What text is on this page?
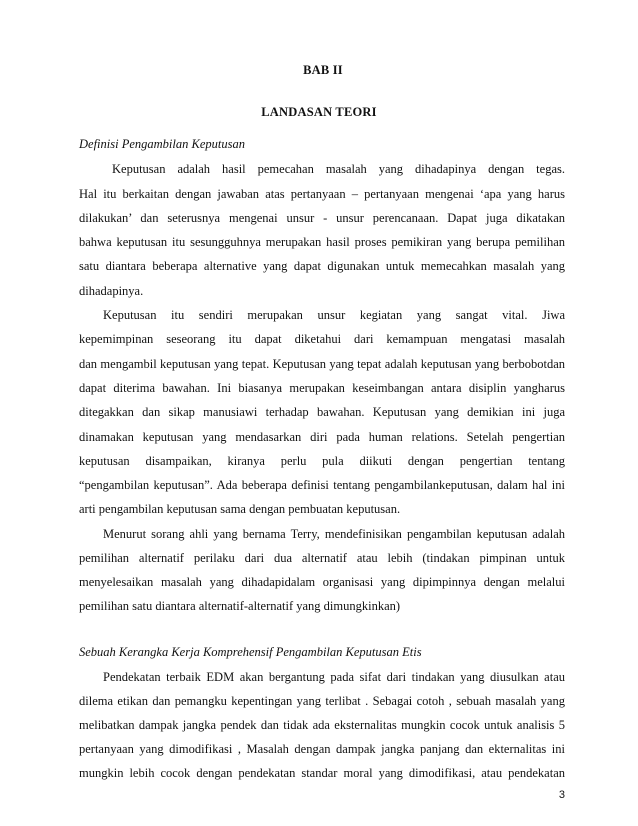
BAB II
LANDASAN TEORI
Definisi Pengambilan Keputusan
Keputusan adalah hasil pemecahan masalah yang dihadapinya dengan tegas.
Hal itu berkaitan dengan jawaban atas pertanyaan – pertanyaan mengenai ‘apa yang harus
dilakukan’ dan seterusnya mengenai unsur - unsur perencanaan. Dapat juga dikatakan
bahwa keputusan itu sesungguhnya merupakan hasil proses pemikiran yang berupa pemilihan
satu diantara beberapa alternative yang dapat digunakan untuk memecahkan masalah yang
dihadapinya.
Keputusan itu sendiri merupakan unsur kegiatan yang sangat vital. Jiwa
kepemimpinan seseorang itu dapat diketahui dari kemampuan mengatasi masalah
dan mengambil keputusan yang tepat. Keputusan yang tepat adalah keputusan yang berbobotdan
dapat diterima bawahan. Ini biasanya merupakan keseimbangan antara disiplin yangharus
ditegakkan dan sikap manusiawi terhadap bawahan. Keputusan yang demikian ini juga
dinamakan keputusan yang mendasarkan diri pada human relations. Setelah pengertian
keputusan disampaikan, kiranya perlu pula diikuti dengan pengertian tentang
“pengambilan keputusan”. Ada beberapa definisi tentang pengambilankeputusan, dalam hal ini
arti pengambilan keputusan sama dengan pembuatan keputusan.
Menurut sorang ahli yang bernama Terry, mendefinisikan pengambilan keputusan adalah
pemilihan alternatif perilaku dari dua alternatif atau lebih (tindakan pimpinan untuk
menyelesaikan masalah yang dihadapidalam organisasi yang dipimpinnya dengan melalui
pemilihan satu diantara alternatif-alternatif yang dimungkinkan)
Sebuah Kerangka Kerja Komprehensif Pengambilan Keputusan Etis
Pendekatan terbaik EDM akan bergantung pada sifat dari tindakan yang diusulkan atau
dilema etikan dan pemangku kepentingan yang terlibat . Sebagai cotoh , sebuah masalah yang
melibatkan dampak jangka pendek dan tidak ada eksternalitas mungkin cocok untuk analisis 5
pertanyaan yang dimodifikasi , Masalah dengan dampak jangka panjang dan ekternalitas ini
mungkin lebih cocok dengan pendekatan standar moral yang dimodifikasi, atau pendekatan
3
